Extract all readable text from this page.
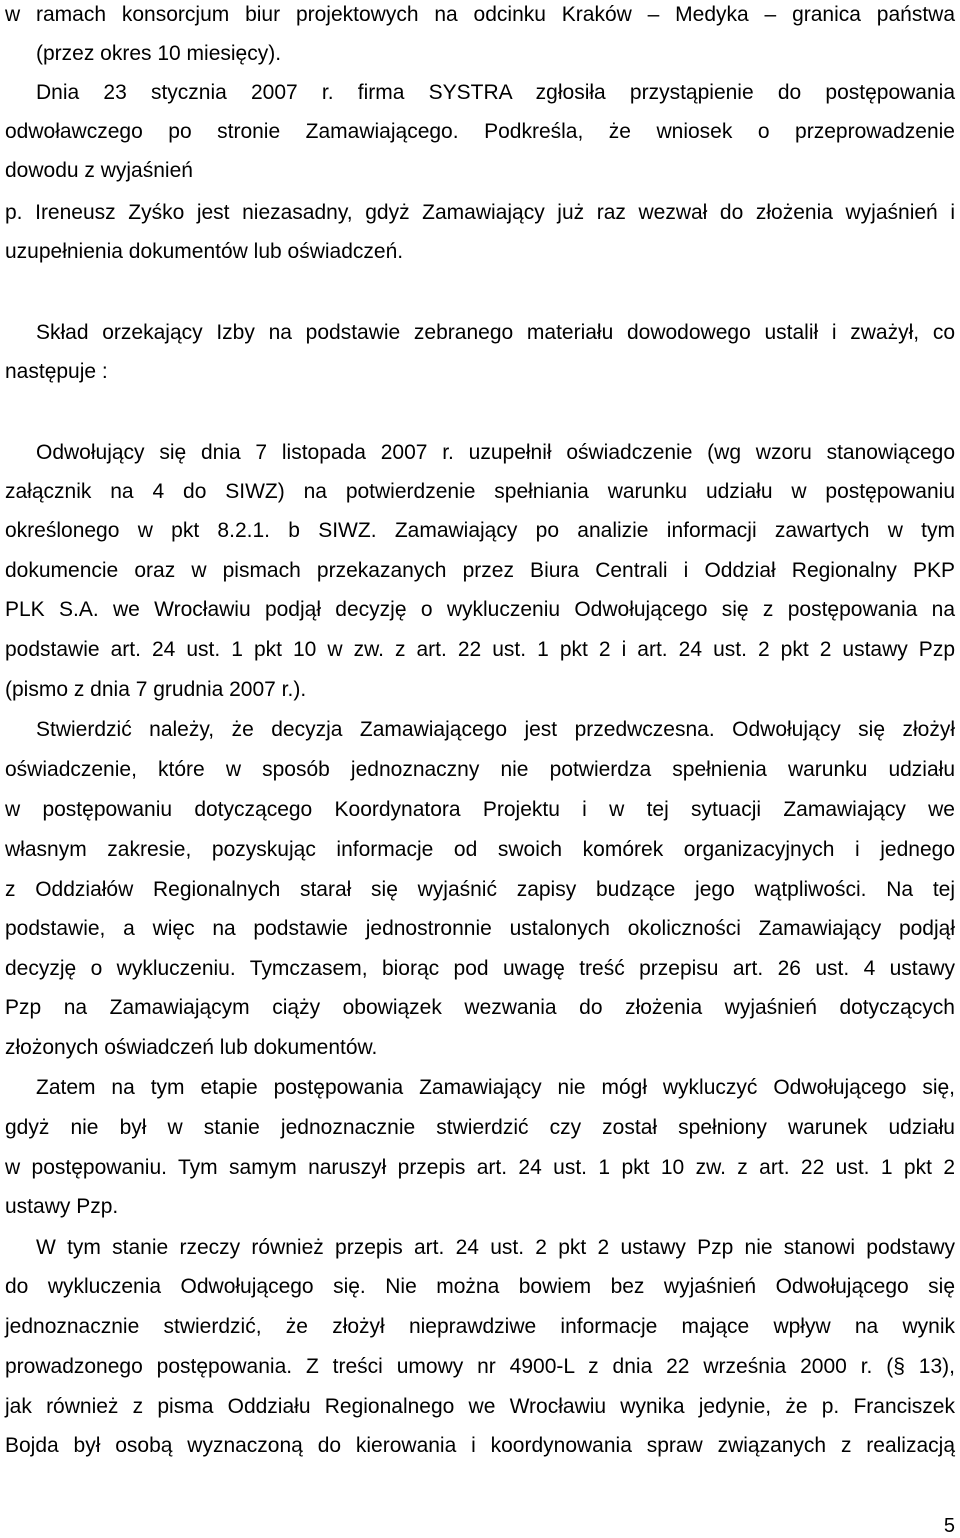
w ramach konsorcjum biur projektowych na odcinku Kraków – Medyka – granica państwa
(przez okres 10 miesięcy).
Dnia 23 stycznia 2007 r. firma SYSTRA zgłosiła przystąpienie do postępowania
odwoławczego po stronie Zamawiającego. Podkreśla, że wniosek o przeprowadzenie
dowodu z wyjaśnień
p. Ireneusz Zyśko jest niezasadny, gdyż Zamawiający już raz wezwał do złożenia wyjaśnień i
uzupełnienia dokumentów lub oświadczeń.
Skład orzekający Izby na podstawie zebranego materiału dowodowego ustalił i zważył, co
następuje :
Odwołujący się dnia 7 listopada 2007 r. uzupełnił oświadczenie (wg wzoru stanowiącego
załącznik na 4 do SIWZ) na potwierdzenie spełniania warunku udziału w postępowaniu
określonego w pkt 8.2.1. b SIWZ. Zamawiający po analizie informacji zawartych w tym
dokumencie oraz w pismach przekazanych przez Biura Centrali i Oddział Regionalny PKP
PLK S.A. we Wrocławiu podjął decyzję o wykluczeniu Odwołującego się z postępowania na
podstawie art. 24 ust. 1 pkt 10 w zw. z art. 22 ust. 1 pkt 2 i art. 24 ust. 2 pkt 2 ustawy Pzp
(pismo z dnia 7 grudnia 2007 r.).
Stwierdzić należy, że decyzja Zamawiającego jest przedwczesna. Odwołujący się złożył
oświadczenie, które w sposób jednoznaczny nie potwierdza spełnienia warunku udziału
w postępowaniu dotyczącego Koordynatora Projektu i w tej sytuacji Zamawiający we
własnym zakresie, pozyskując informacje od swoich komórek organizacyjnych i jednego
z Oddziałów Regionalnych starał się wyjaśnić zapisy budzące jego wątpliwości. Na tej
podstawie, a więc na podstawie jednostronnie ustalonych okoliczności Zamawiający podjął
decyzję o wykluczeniu. Tymczasem, biorąc pod uwagę treść przepisu art. 26 ust. 4 ustawy
Pzp na Zamawiającym ciąży obowiązek wezwania do złożenia wyjaśnień dotyczących
złożonych oświadczeń lub dokumentów.
Zatem na tym etapie postępowania Zamawiający nie mógł wykluczyć Odwołującego się,
gdyż nie był w stanie jednoznacznie stwierdzić czy został spełniony warunek udziału
w postępowaniu. Tym samym naruszył przepis art. 24 ust. 1 pkt 10 zw. z art. 22 ust. 1 pkt 2
ustawy Pzp.
W tym stanie rzeczy również przepis art. 24 ust. 2 pkt 2 ustawy Pzp nie stanowi podstawy
do wykluczenia Odwołującego się. Nie można bowiem bez wyjaśnień Odwołującego się
jednoznacznie stwierdzić, że złożył nieprawdziwe informacje mające wpływ na wynik
prowadzonego postępowania. Z treści umowy nr 4900-L z dnia 22 września 2000 r. (§ 13),
jak również z pisma Oddziału Regionalnego we Wrocławiu wynika jedynie, że p. Franciszek
Bojda był osobą wyznaczoną do kierowania i koordynowania spraw związanych z realizacją
5
